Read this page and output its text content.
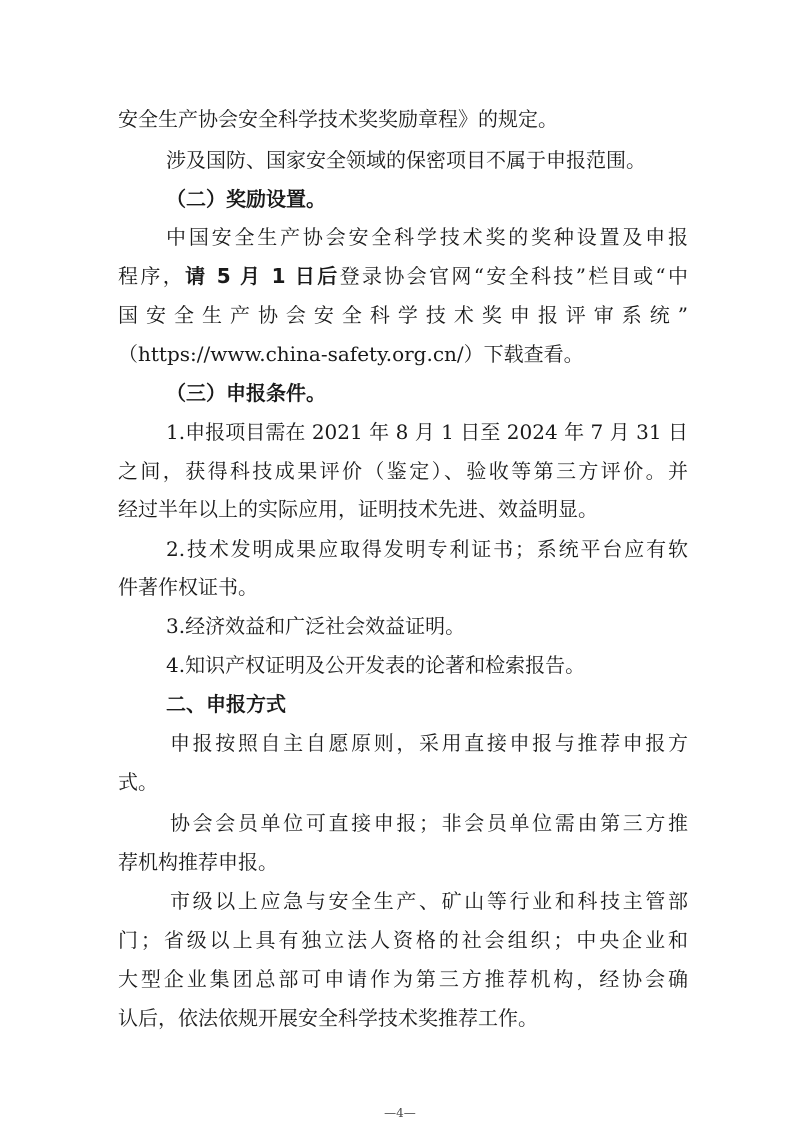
安全生产协会安全科学技术奖奖励章程》的规定。
涉及国防、国家安全领域的保密项目不属于申报范围。
（二）奖励设置。
中国安全生产协会安全科学技术奖的奖种设置及申报
程序，请 5 月 1 日后登录协会官网“安全科技”栏目或“中
国安全生产协会安全科学技术奖申报评审系统”
（https://www.china-safety.org.cn/）下载查看。
（三）申报条件。
1.申报项目需在 2021 年 8 月 1 日至 2024 年 7 月 31 日
之间，获得科技成果评价（鉴定）、验收等第三方评价。并
经过半年以上的实际应用，证明技术先进、效益明显。
2.技术发明成果应取得发明专利证书；系统平台应有软
件著作权证书。
3.经济效益和广泛社会效益证明。
4.知识产权证明及公开发表的论著和检索报告。
二、申报方式
申报按照自主自愿原则，采用直接申报与推荐申报方
式。
协会会员单位可直接申报；非会员单位需由第三方推
荐机构推荐申报。
市级以上应急与安全生产、矿山等行业和科技主管部
门；省级以上具有独立法人资格的社会组织；中央企业和
大型企业集团总部可申请作为第三方推荐机构，经协会确
认后，依法依规开展安全科学技术奖推荐工作。
—4—
